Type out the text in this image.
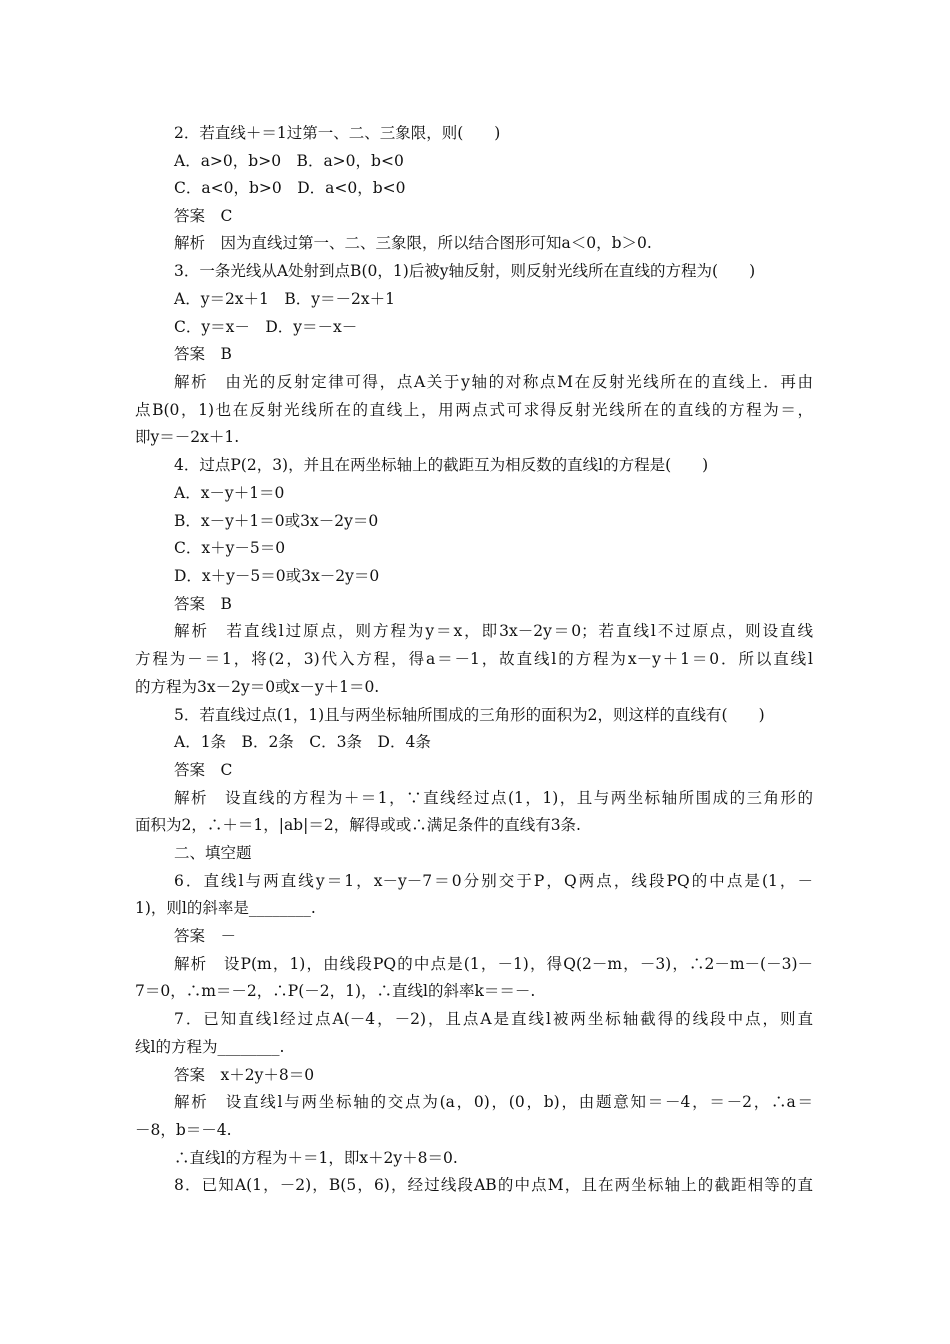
2．若直线＋＝1过第一、二、三象限，则(　　)
A．a>0，b>0　B．a>0，b<0
C．a<0，b>0　D．a<0，b<0
答案　C
解析　因为直线过第一、二、三象限，所以结合图形可知a＜0，b＞0.
3．一条光线从A处射到点B(0，1)后被y轴反射，则反射光线所在直线的方程为(　　)
A．y＝2x＋1　B．y＝－2x＋1
C．y＝x－　D．y＝－x－
答案　B
解析　由光的反射定律可得，点A关于y轴的对称点M在反射光线所在的直线上．再由
点B(0，1)也在反射光线所在的直线上，用两点式可求得反射光线所在的直线的方程为＝，
即y＝－2x＋1.
4．过点P(2，3)，并且在两坐标轴上的截距互为相反数的直线l的方程是(　　)
A．x－y＋1＝0
B．x－y＋1＝0或3x－2y＝0
C．x＋y－5＝0
D．x＋y－5＝0或3x－2y＝0
答案　B
解析　若直线l过原点，则方程为y＝x，即3x－2y＝0；若直线l不过原点，则设直线
方程为－＝1，将(2，3)代入方程，得a＝－1，故直线l的方程为x－y＋1＝0．所以直线l
的方程为3x－2y＝0或x－y＋1＝0.
5．若直线过点(1，1)且与两坐标轴所围成的三角形的面积为2，则这样的直线有(　　)
A．1条　B．2条　C．3条　D．4条
答案　C
解析　设直线的方程为＋＝1，∵直线经过点(1，1)，且与两坐标轴所围成的三角形的
面积为2，∴＋＝1，|ab|＝2，解得或或∴满足条件的直线有3条.
二、填空题
6．直线l与两直线y＝1，x－y－7＝0分别交于P，Q两点，线段PQ的中点是(1，－
1)，则l的斜率是________.
答案　－
解析　设P(m，1)，由线段PQ的中点是(1，－1)，得Q(2－m，－3)，∴2－m－(－3)－
7＝0，∴m＝－2，∴P(－2，1)，∴直线l的斜率k＝＝－.
7．已知直线l经过点A(－4，－2)，且点A是直线l被两坐标轴截得的线段中点，则直
线l的方程为________.
答案　x＋2y＋8＝0
解析　设直线l与两坐标轴的交点为(a，0)，(0，b)，由题意知＝－4，＝－2，∴a＝
－8，b＝－4.
∴直线l的方程为＋＝1，即x＋2y＋8＝0.
8．已知A(1，－2)，B(5，6)，经过线段AB的中点M，且在两坐标轴上的截距相等的直
